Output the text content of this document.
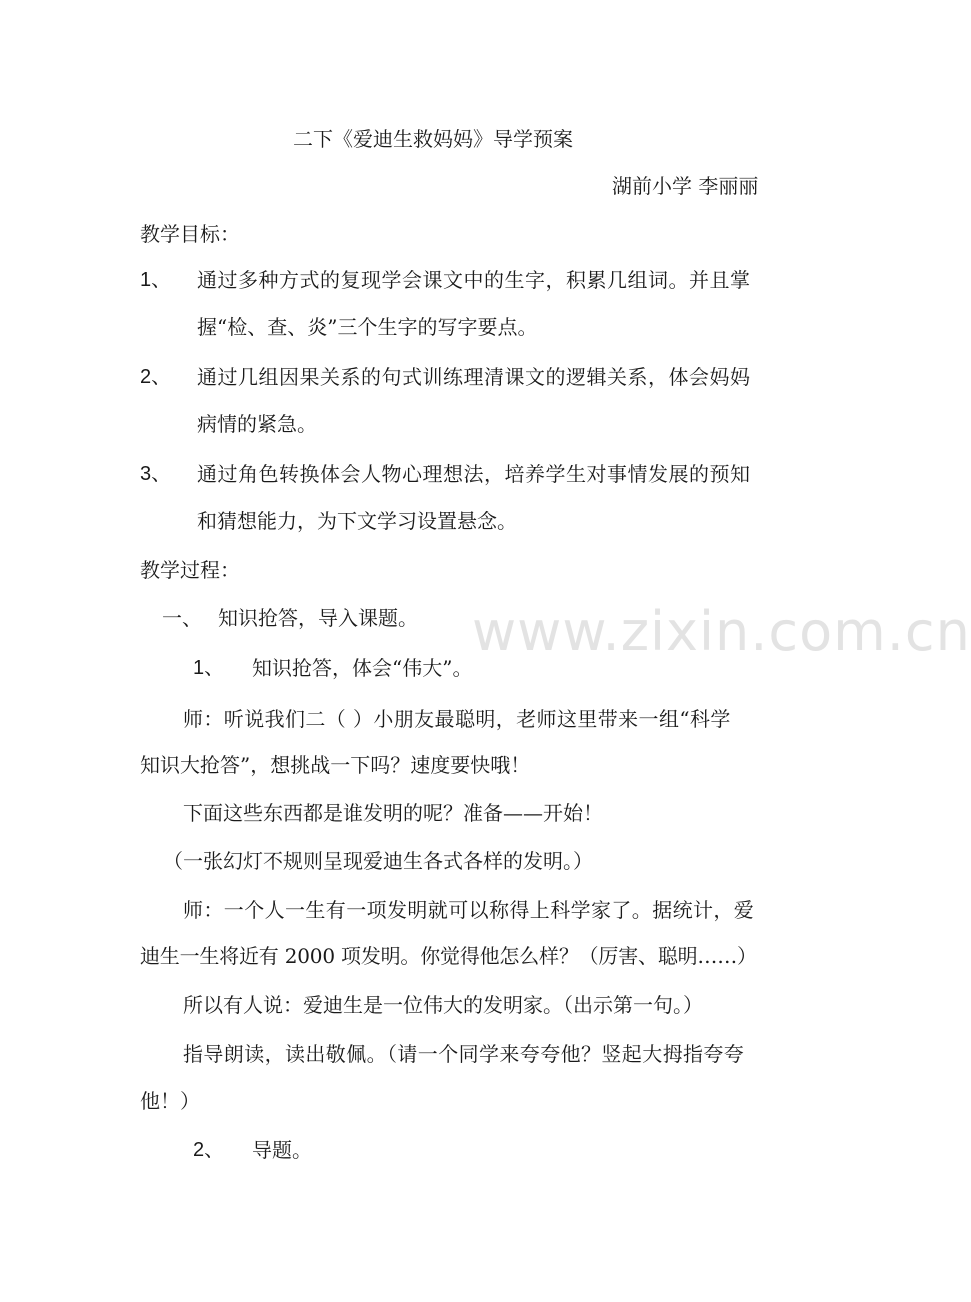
www.zixin.com.cn
二下《爱迪生救妈妈》导学预案
湖前小学 李丽丽
教学目标：
1、 通过多种方式的复现学会课文中的生字，积累几组词。并且掌
握“检、查、炎”三个生字的写字要点。
2、 通过几组因果关系的句式训练理清课文的逻辑关系，体会妈妈
病情的紧急。
3、 通过角色转换体会人物心理想法，培养学生对事情发展的预知
和猜想能力，为下文学习设置悬念。
教学过程：
一、 知识抢答，导入课题。
1、 知识抢答，体会“伟大”。
师：听说我们二（ ）小朋友最聪明，老师这里带来一组“科学
知识大抢答”，想挑战一下吗？速度要快哦！
下面这些东西都是谁发明的呢？准备——开始！
（一张幻灯不规则呈现爱迪生各式各样的发明。）
师：一个人一生有一项发明就可以称得上科学家了。据统计，爱
迪生一生将近有 2000 项发明。你觉得他怎么样？（厉害、聪明……）
所以有人说：爱迪生是一位伟大的发明家。（出示第一句。）
指导朗读，读出敬佩。（请一个同学来夸夸他？竖起大拇指夸夸
他！）
2、 导题。
